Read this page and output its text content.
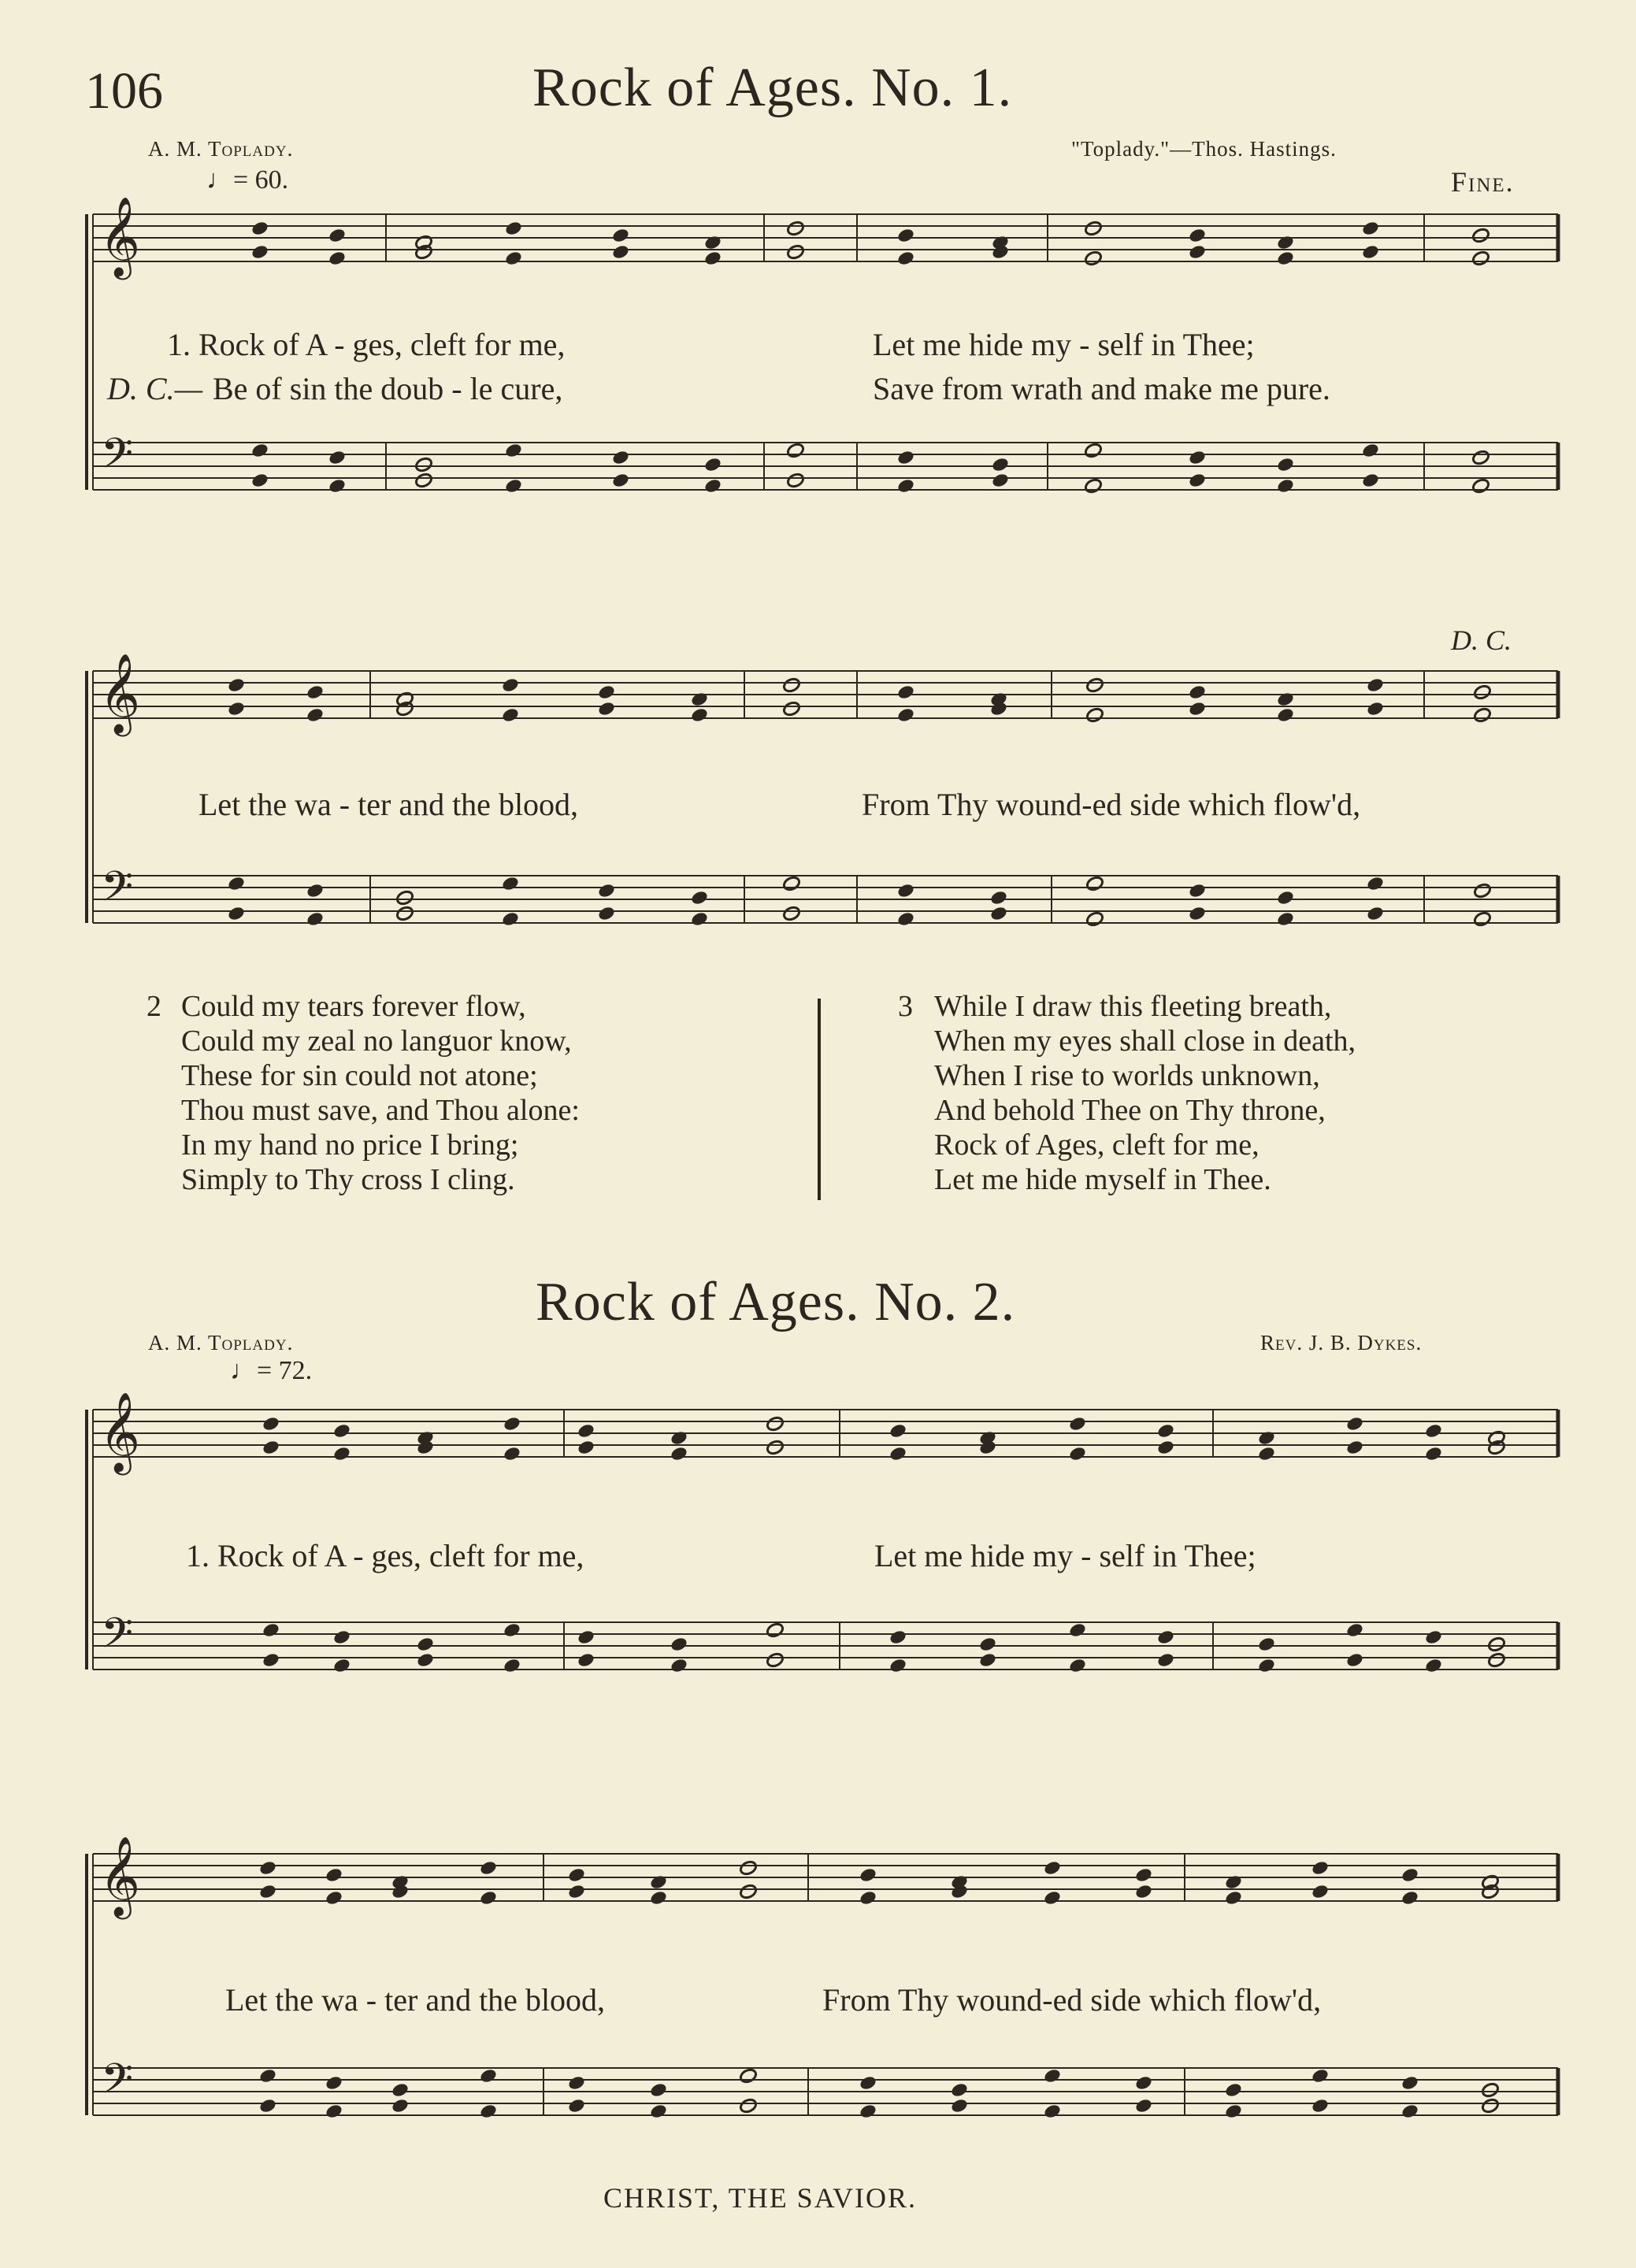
106	Rock of Ages. No. 1.
A. M. Toplady.	"Toplady."—Thos. Hastings.
♩= 60.	Fine.
D. C.
1. Rock of A - ges, cleft for me,	Let me hide my - self in Thee;
D. C.— Be of sin the doub - le cure,	Save from wrath and make me pure.
Let the wa - ter and the blood,	From Thy wound-ed side which flow'd,
2 Could my tears forever flow,
Could my zeal no languor know,
These for sin could not atone;
Thou must save, and Thou alone:
In my hand no price I bring;
Simply to Thy cross I cling.
3 While I draw this fleeting breath,
When my eyes shall close in death,
When I rise to worlds unknown,
And behold Thee on Thy throne,
Rock of Ages, cleft for me,
Let me hide myself in Thee.
Rock of Ages. No. 2.
A. M. Toplady.	Rev. J. B. Dykes.
♩= 72.
1. Rock of A - ges, cleft for me,	Let me hide my - self in Thee;
Let the wa - ter and the blood,	From Thy wound-ed side which flow'd,
CHRIST, THE SAVIOR.
𝄞
𝄢
𝄞
𝄢
𝄞
𝄢
𝄞
𝄢
